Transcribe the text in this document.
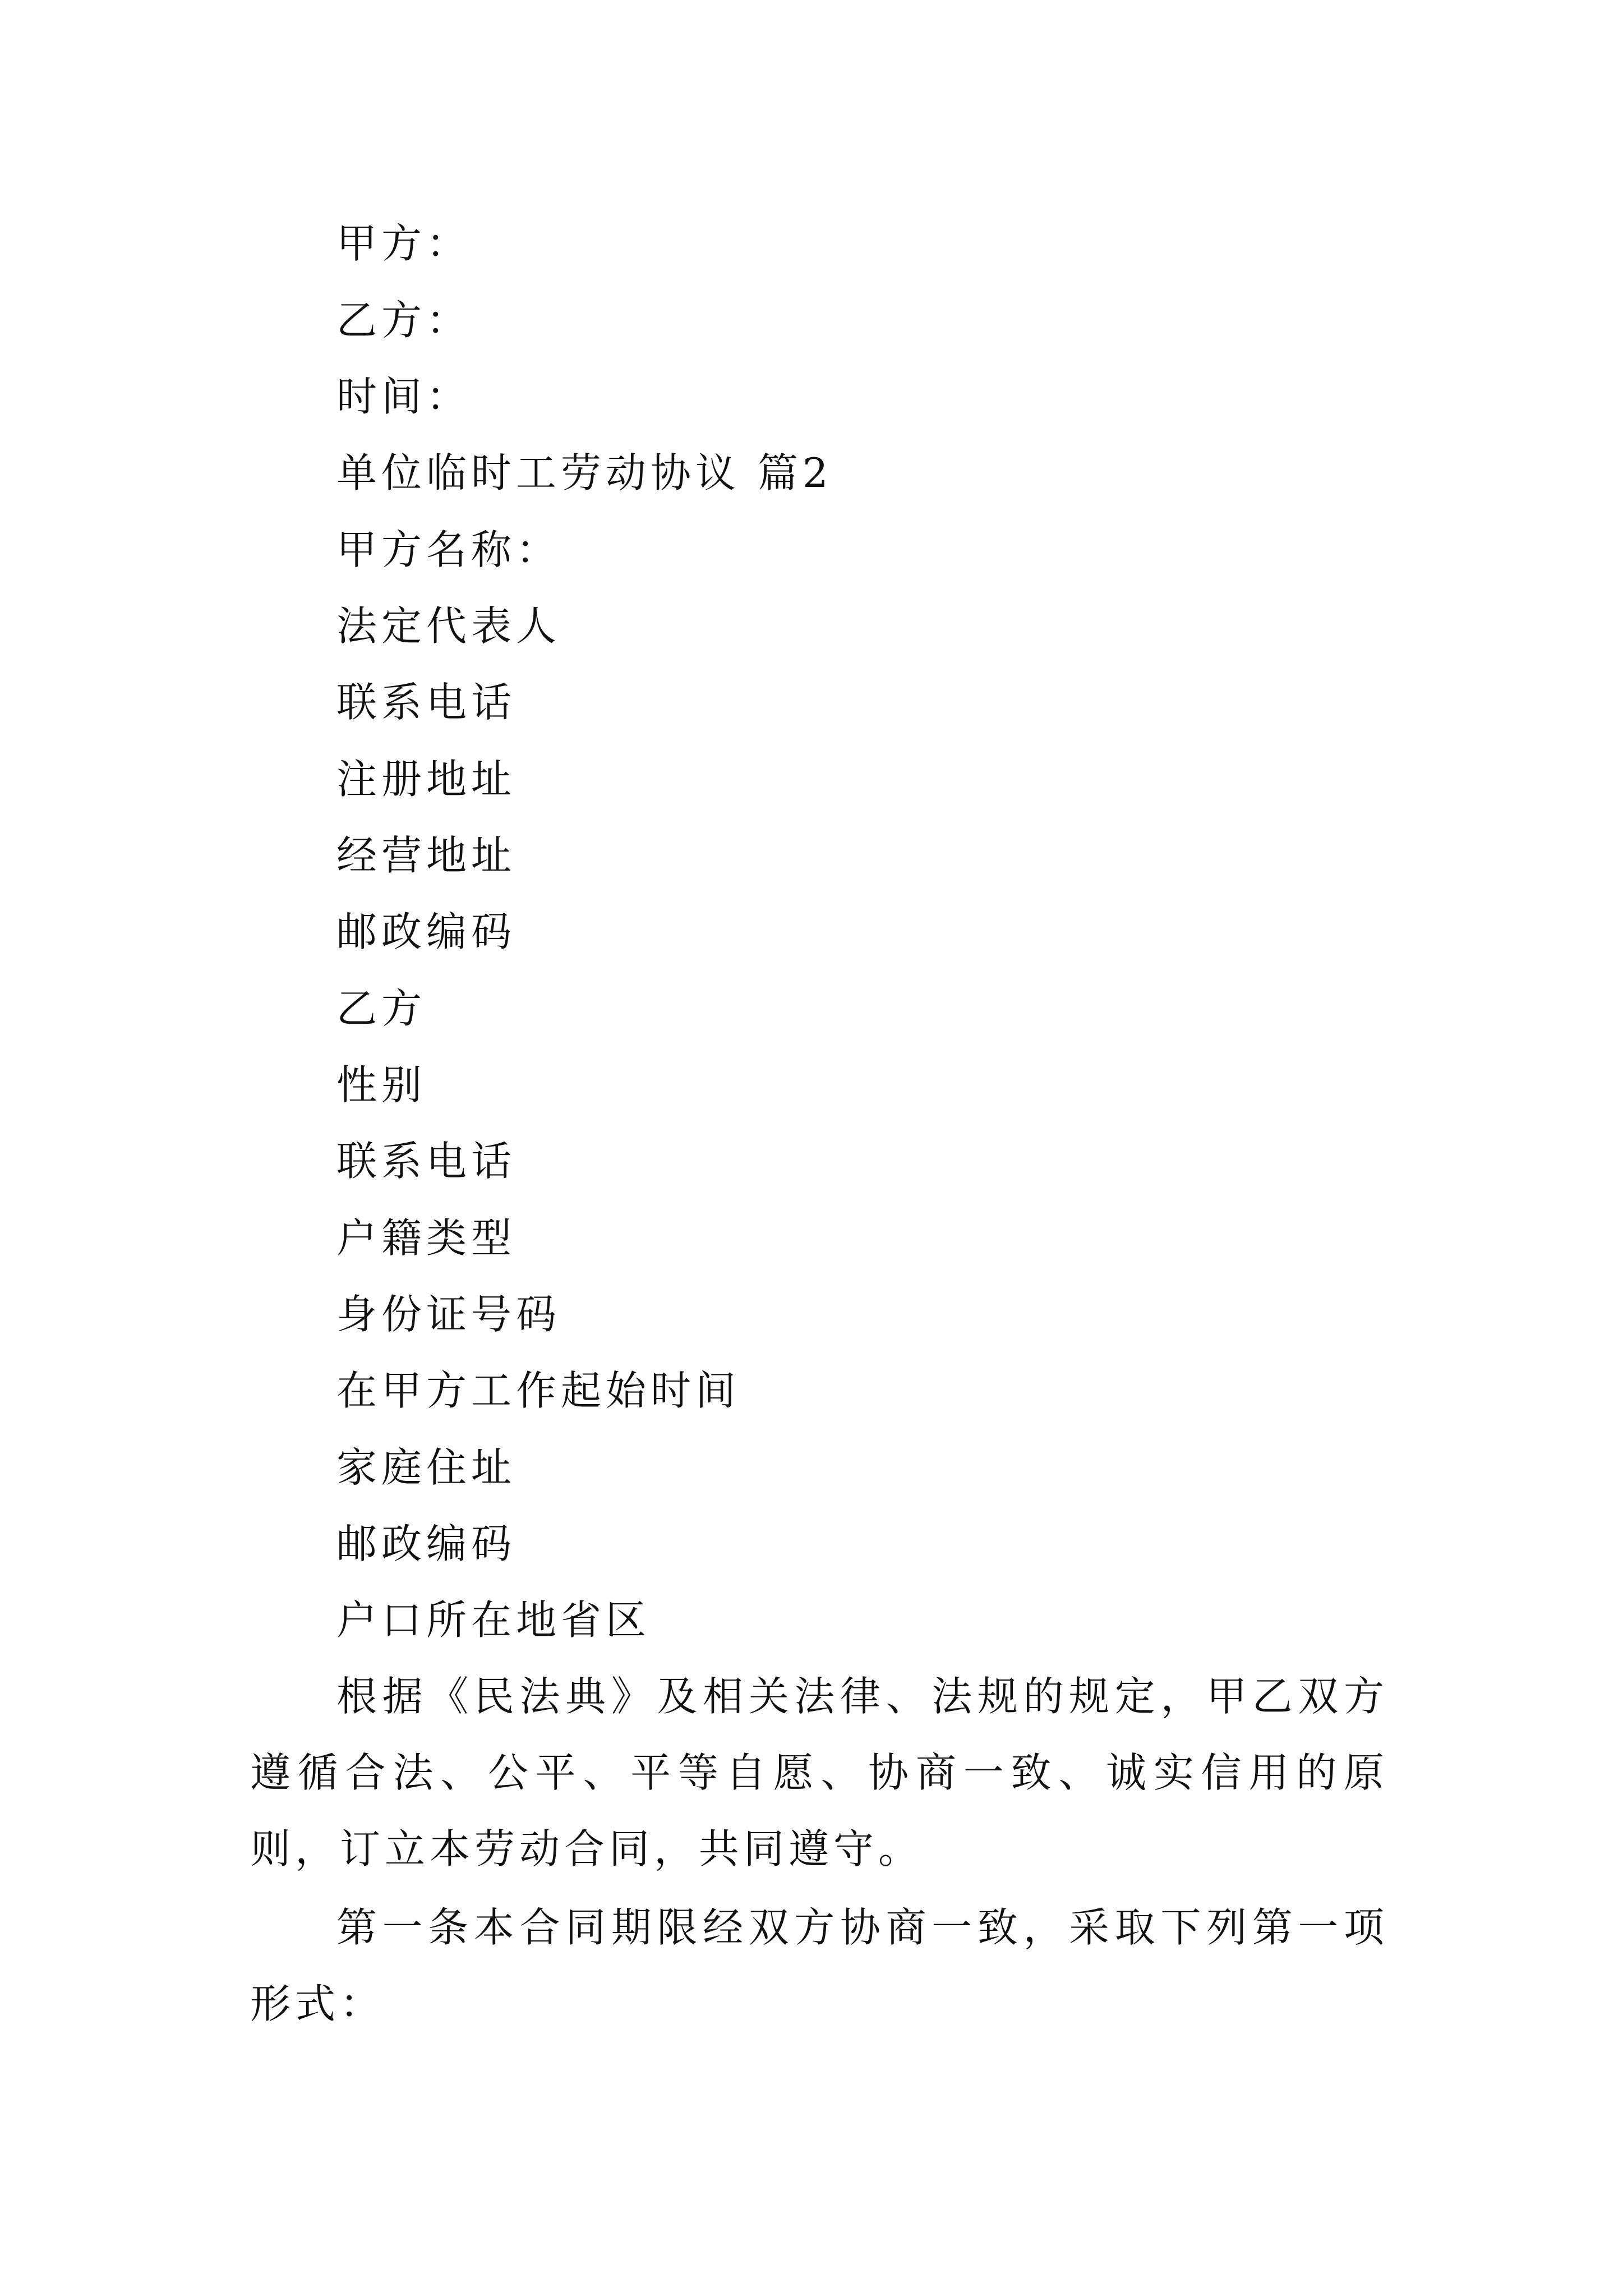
甲方：
乙方：
时间：
单位临时工劳动协议 篇2
甲方名称：
法定代表人
联系电话
注册地址
经营地址
邮政编码
乙方
性别
联系电话
户籍类型
身份证号码
在甲方工作起始时间
家庭住址
邮政编码
户口所在地省区
根据《民法典》及相关法律、法规的规定，甲乙双方遵循合法、公平、平等自愿、协商一致、诚实信用的原则，订立本劳动合同，共同遵守。
第一条本合同期限经双方协商一致，采取下列第一项形式：
